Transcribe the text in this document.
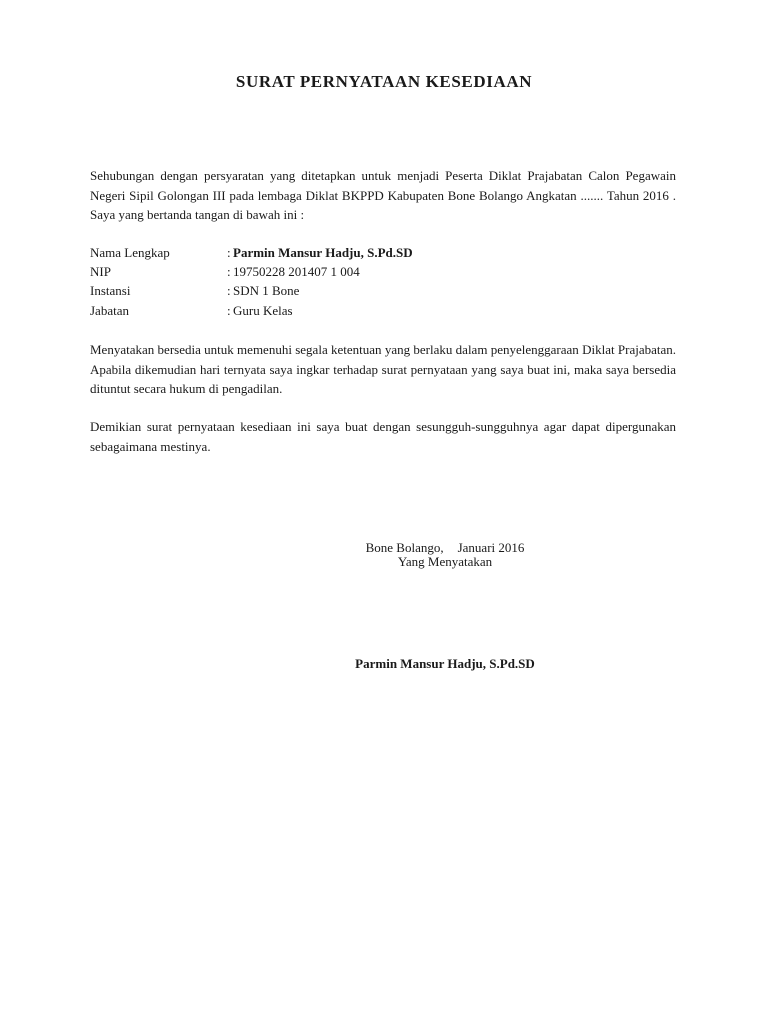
SURAT PERNYATAAN KESEDIAAN

Sehubungan dengan persyaratan yang ditetapkan untuk menjadi Peserta Diklat Prajabatan Calon Pegawain Negeri Sipil Golongan III pada lembaga Diklat BKPPD Kabupaten Bone Bolango Angkatan ....... Tahun 2016 . Saya yang bertanda tangan di bawah ini :

Nama Lengkap	: Parmin Mansur Hadju, S.Pd.SD
NIP	: 19750228 201407 1 004
Instansi	: SDN 1 Bone
Jabatan	: Guru Kelas

Menyatakan bersedia untuk memenuhi segala ketentuan yang berlaku dalam penyelenggaraan Diklat Prajabatan. Apabila dikemudian hari ternyata saya ingkar terhadap surat pernyataan yang saya buat ini, maka saya bersedia dituntut secara hukum di pengadilan.

Demikian surat pernyataan kesediaan ini saya buat dengan sesungguh-sungguhnya agar dapat dipergunakan sebagaimana mestinya.

Bone Bolango, Januari 2016
Yang Menyatakan
Parmin Mansur Hadju, S.Pd.SD
